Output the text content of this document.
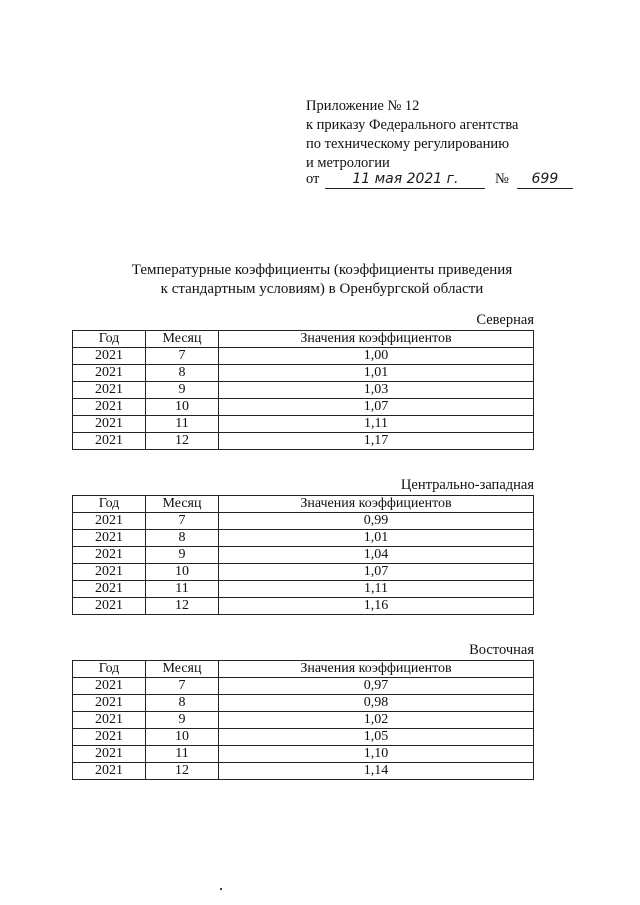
Приложение № 12
к приказу Федерального агентства
по техническому регулированию
и метрологии
от 11 мая 2021 г.	№ 699
Температурные коэффициенты (коэффициенты приведения
к стандартным условиям) в Оренбургской области
Северная
Год	Месяц	Значения коэффициентов
2021	7	1,00
2021	8	1,01
2021	9	1,03
2021	10	1,07
2021	11	1,11
2021	12	1,17
Центрально-западная
Год	Месяц	Значения коэффициентов
2021	7	0,99
2021	8	1,01
2021	9	1,04
2021	10	1,07
2021	11	1,11
2021	12	1,16
Восточная
Год	Месяц	Значения коэффициентов
2021	7	0,97
2021	8	0,98
2021	9	1,02
2021	10	1,05
2021	11	1,10
2021	12	1,14
